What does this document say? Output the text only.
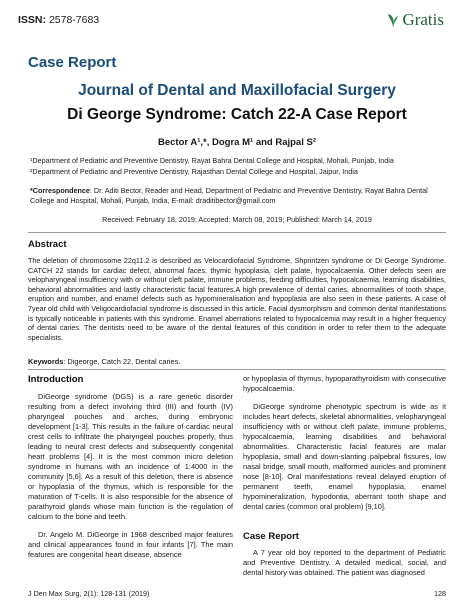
ISSN: 2578-7683	Gratis
Case Report
Journal of Dental and Maxillofacial Surgery
Di George Syndrome: Catch 22-A Case Report
Bector A¹,*, Dogra M¹ and Rajpal S²
¹Department of Pediatric and Preventive Dentistry, Rayat Bahra Dental College and Hospital, Mohali, Punjab, India
²Department of Pediatric and Preventive Dentistry, Rajasthan Dental College and Hospital, Jaipur, India
*Correspondence: Dr. Aditi Bector, Reader and Head, Department of Pediatric and Preventive Dentistry, Rayat Bahra Dental College and Hospital, Mohali, Punjab, India, E-mail: draditibector@gmail.com
Received: February 18, 2019; Accepted: March 08, 2019; Published: March 14, 2019
Abstract
The deletion of chromosome 22q11.2 is described as Velocardiofacial Syndrome, Shprintzen syndrome or Di George Syndrome. CATCH 22 stands for cardiac defect, abnormal faces, thymic hypoplasia, cleft palate, hypocalcaemia. Other defects seen are velopharyngeal insufficiency with or without cleft palate, immune problems, feeding difficulties, hypocalcaemia, learning disabilities, behavioral abnormalities and lastly characteristic facial features.A high prevalence of dental caries, abnormalities of tooth shape, eruption and number, and enamel defects such as hypomineralisation and hypoplasia are also seen in these patients. A case of 7year old child with Veligocardiofacial syndrome is discussed in this article. Facial dysmorphism and common dental manifestations is typically noticeable in patients with this syndrome. Enamel aberrations related to hypocalcemia may result in a higher frequency of dental caries. The dentists need to be aware of the dental features of this condition in order to refer them to the adequate specialists.
Keywords: Digeorge, Catch 22, Dental caries.
Introduction

DiGeorge syndrome (DGS) is a rare genetic disorder resulting from a defect involving third (III) and fourth (IV) pharyngeal pouches and arches, during embryonic development [1-3]. This results in the failure of cardiac neural crest cells to infiltrate the pharyngeal pouches properly, thus leading to neural crest defects and subsequently congenital heart problems [4]. It is the most common micro deletion syndrome in humans with an incidence of 1:4000 in the community [5,6]. As a result of this deletion, there is absence or hypoplasia of the thymus, which is responsible for the maturation of T-cells. It is also responsible for the absence of parathyroid glands whose main function is the regulation of calcium to the bone and teeth.

Dr. Angelo M. DiGeorge in 1968 described major features and clinical appearances found in four infants [7]. The main features are congenital heart disease, absence

or hypoplasia of thymus, hypoparathyroidism with consecutive hypocalcaemia.

DiGeorge syndrome phenotypic spectrum is wide as it includes heart defects, skeletal abnormalities, velopharyngeal insufficiency with or without cleft palate, immune problems, hypocalcaemia, learning disabilities and behavioral abnormalities. Characteristic facial features are malar hypoplasia, small and down-slanting palpebral fissures, low nasal bridge, small mouth, malformed auricles and prominent nose [8-10]. Oral manifestations reveal delayed eruption of permanent teeth, enamel hypoplasia, enamel hypomineralization, hypodontia, aberrant tooth shape and dental caries (common oral problem) [9,10].

Case Report

A 7 year old boy reported to the department of Pediatric and Preventive Dentistry. A detailed medical, social, and dental history was obtained. The patient was diagnosed

J Den Max Surg, 2(1): 128-131 (2019)	128
